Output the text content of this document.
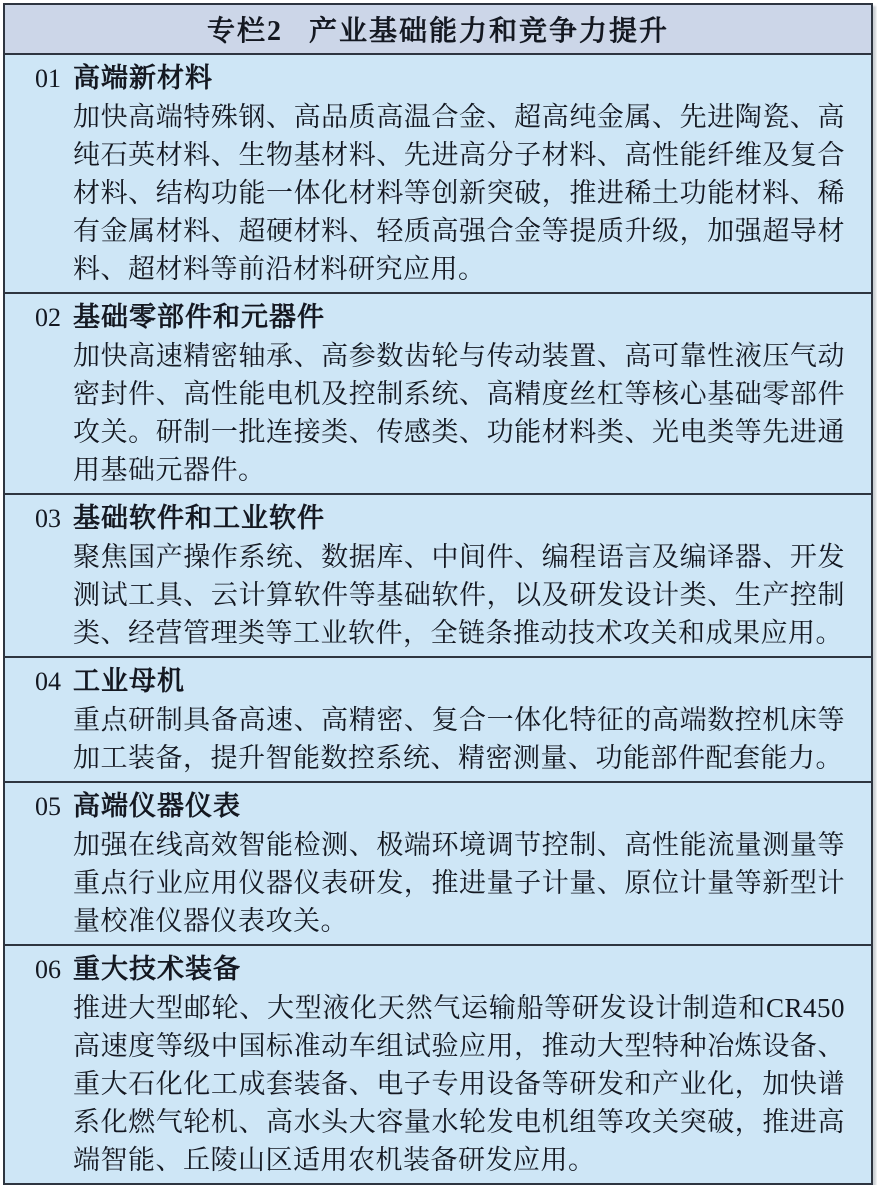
专栏2 产业基础能力和竞争力提升
01 高端新材料

加快高端特殊钢、高品质高温合金、超高纯金属、先进陶瓷、高纯石英材料、生物基材料、先进高分子材料、高性能纤维及复合材料、结构功能一体化材料等创新突破，推进稀土功能材料、稀有金属材料、超硬材料、轻质高强合金等提质升级，加强超导材料、超材料等前沿材料研究应用。

02 基础零部件和元器件

加快高速精密轴承、高参数齿轮与传动装置、高可靠性液压气动密封件、高性能电机及控制系统、高精度丝杠等核心基础零部件攻关。研制一批连接类、传感类、功能材料类、光电类等先进通用基础元器件。

03 基础软件和工业软件

聚焦国产操作系统、数据库、中间件、编程语言及编译器、开发测试工具、云计算软件等基础软件，以及研发设计类、生产控制类、经营管理类等工业软件，全链条推动技术攻关和成果应用。

04 工业母机

重点研制具备高速、高精密、复合一体化特征的高端数控机床等加工装备，提升智能数控系统、精密测量、功能部件配套能力。

05 高端仪器仪表

加强在线高效智能检测、极端环境调节控制、高性能流量测量等重点行业应用仪器仪表研发，推进量子计量、原位计量等新型计量校准仪器仪表攻关。

06 重大技术装备

推进大型邮轮、大型液化天然气运输船等研发设计制造和CR450高速度等级中国标准动车组试验应用，推动大型特种冶炼设备、重大石化化工成套装备、电子专用设备等研发和产业化，加快谱系化燃气轮机、高水头大容量水轮发电机组等攻关突破，推进高端智能、丘陵山区适用农机装备研发应用。
